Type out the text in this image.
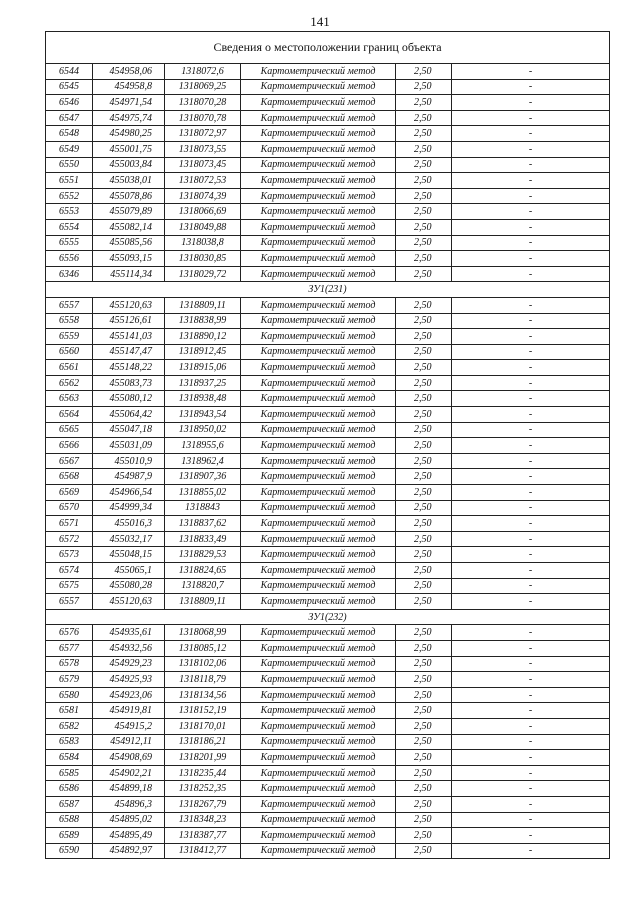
141
Сведения о местоположении границ объекта					
6544	454958,06	1318072,6	Картометрический метод	2,50	-
6545	454958,8	1318069,25	Картометрический метод	2,50	-
6546	454971,54	1318070,28	Картометрический метод	2,50	-
6547	454975,74	1318070,78	Картометрический метод	2,50	-
6548	454980,25	1318072,97	Картометрический метод	2,50	-
6549	455001,75	1318073,55	Картометрический метод	2,50	-
6550	455003,84	1318073,45	Картометрический метод	2,50	-
6551	455038,01	1318072,53	Картометрический метод	2,50	-
6552	455078,86	1318074,39	Картометрический метод	2,50	-
6553	455079,89	1318066,69	Картометрический метод	2,50	-
6554	455082,14	1318049,88	Картометрический метод	2,50	-
6555	455085,56	1318038,8	Картометрический метод	2,50	-
6556	455093,15	1318030,85	Картометрический метод	2,50	-
6346	455114,34	1318029,72	Картометрический метод	2,50	-
ЗУ1(231)					
6557	455120,63	1318809,11	Картометрический метод	2,50	-
6558	455126,61	1318838,99	Картометрический метод	2,50	-
6559	455141,03	1318890,12	Картометрический метод	2,50	-
6560	455147,47	1318912,45	Картометрический метод	2,50	-
6561	455148,22	1318915,06	Картометрический метод	2,50	-
6562	455083,73	1318937,25	Картометрический метод	2,50	-
6563	455080,12	1318938,48	Картометрический метод	2,50	-
6564	455064,42	1318943,54	Картометрический метод	2,50	-
6565	455047,18	1318950,02	Картометрический метод	2,50	-
6566	455031,09	1318955,6	Картометрический метод	2,50	-
6567	455010,9	1318962,4	Картометрический метод	2,50	-
6568	454987,9	1318907,36	Картометрический метод	2,50	-
6569	454966,54	1318855,02	Картометрический метод	2,50	-
6570	454999,34	1318843	Картометрический метод	2,50	-
6571	455016,3	1318837,62	Картометрический метод	2,50	-
6572	455032,17	1318833,49	Картометрический метод	2,50	-
6573	455048,15	1318829,53	Картометрический метод	2,50	-
6574	455065,1	1318824,65	Картометрический метод	2,50	-
6575	455080,28	1318820,7	Картометрический метод	2,50	-
6557	455120,63	1318809,11	Картометрический метод	2,50	-
ЗУ1(232)					
6576	454935,61	1318068,99	Картометрический метод	2,50	-
6577	454932,56	1318085,12	Картометрический метод	2,50	-
6578	454929,23	1318102,06	Картометрический метод	2,50	-
6579	454925,93	1318118,79	Картометрический метод	2,50	-
6580	454923,06	1318134,56	Картометрический метод	2,50	-
6581	454919,81	1318152,19	Картометрический метод	2,50	-
6582	454915,2	1318170,01	Картометрический метод	2,50	-
6583	454912,11	1318186,21	Картометрический метод	2,50	-
6584	454908,69	1318201,99	Картометрический метод	2,50	-
6585	454902,21	1318235,44	Картометрический метод	2,50	-
6586	454899,18	1318252,35	Картометрический метод	2,50	-
6587	454896,3	1318267,79	Картометрический метод	2,50	-
6588	454895,02	1318348,23	Картометрический метод	2,50	-
6589	454895,49	1318387,77	Картометрический метод	2,50	-
6590	454892,97	1318412,77	Картометрический метод	2,50	-
